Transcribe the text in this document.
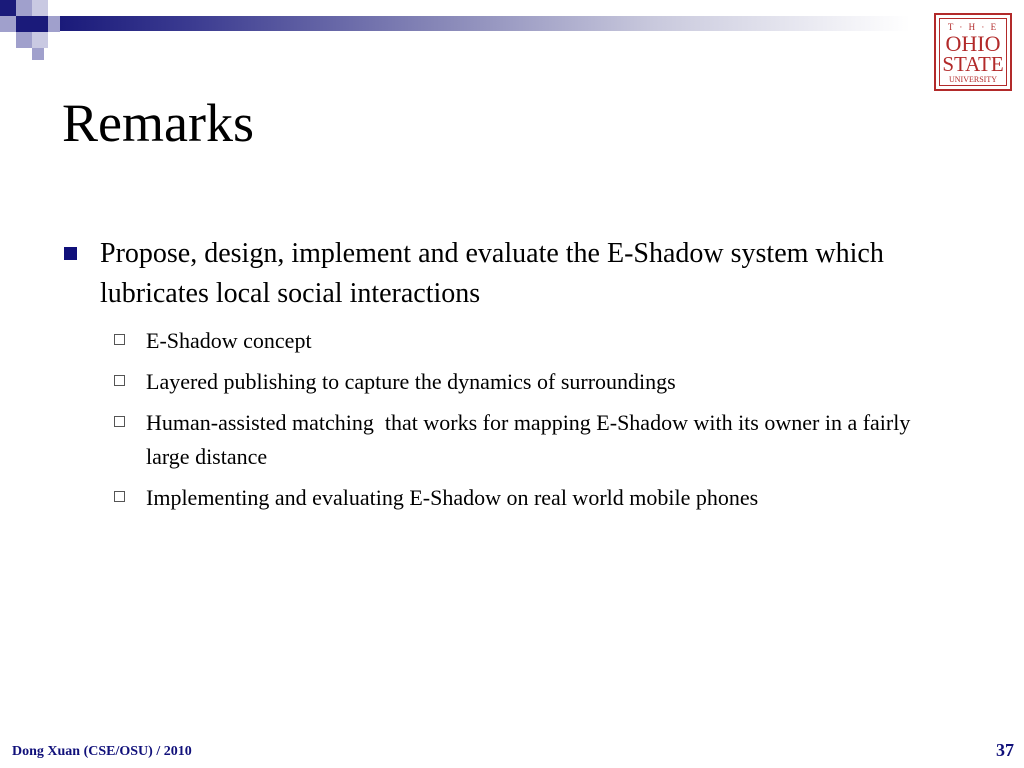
T · H · E
OHIO
STATE
UNIVERSITY
Remarks
Propose, design, implement and evaluate the E-Shadow system which lubricates local social interactions
E-Shadow concept
Layered publishing to capture the dynamics of surroundings
Human-assisted matching  that works for mapping E-Shadow with its owner in a fairly large distance
Implementing and evaluating E-Shadow on real world mobile phones
Dong Xuan (CSE/OSU) / 2010	37
